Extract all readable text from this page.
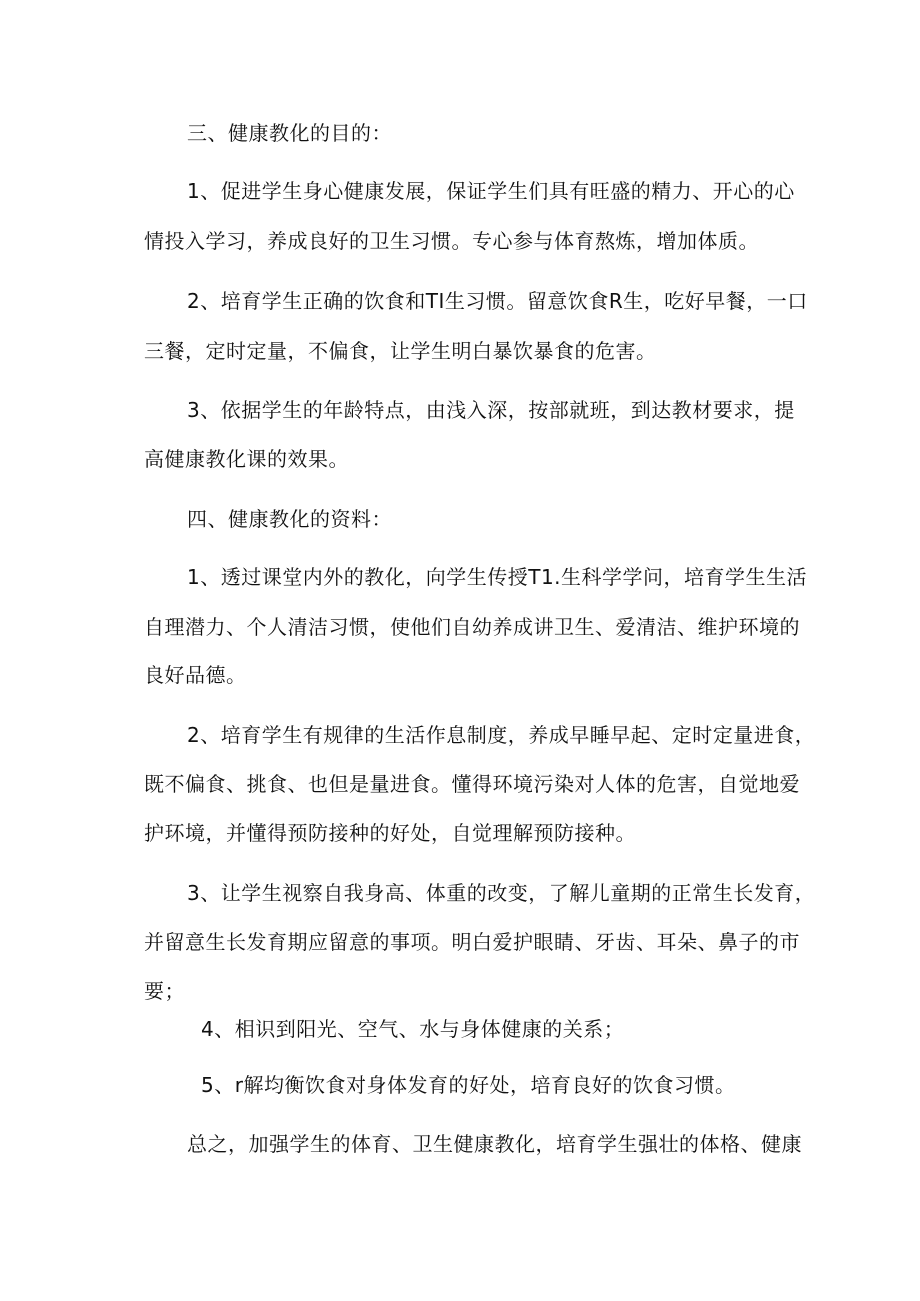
三、健康教化的目的：
1、促进学生身心健康发展，保证学生们具有旺盛的精力、开心的心
情投入学习，养成良好的卫生习惯。专心参与体育熬炼，增加体质。
2、培育学生正确的饮食和TI生习惯。留意饮食R生，吃好早餐，一口
三餐，定时定量，不偏食，让学生明白暴饮暴食的危害。
3、依据学生的年龄特点，由浅入深，按部就班，到达教材要求，提
高健康教化课的效果。
四、健康教化的资料：
1、透过课堂内外的教化，向学生传授T1.生科学学问，培育学生生活
自理潜力、个人清洁习惯，使他们自幼养成讲卫生、爱清洁、维护环境的
良好品德。
2、培育学生有规律的生活作息制度，养成早睡早起、定时定量进食，
既不偏食、挑食、也但是量进食。懂得环境污染对人体的危害，自觉地爱
护环境，并懂得预防接种的好处，自觉理解预防接种。
3、让学生视察自我身高、体重的改变，了解儿童期的正常生长发育，
并留意生长发育期应留意的事项。明白爱护眼睛、牙齿、耳朵、鼻子的市
要；
4、相识到阳光、空气、水与身体健康的关系；
5、r解均衡饮食对身体发育的好处，培育良好的饮食习惯。
总之，加强学生的体育、卫生健康教化，培育学生强壮的体格、健康
